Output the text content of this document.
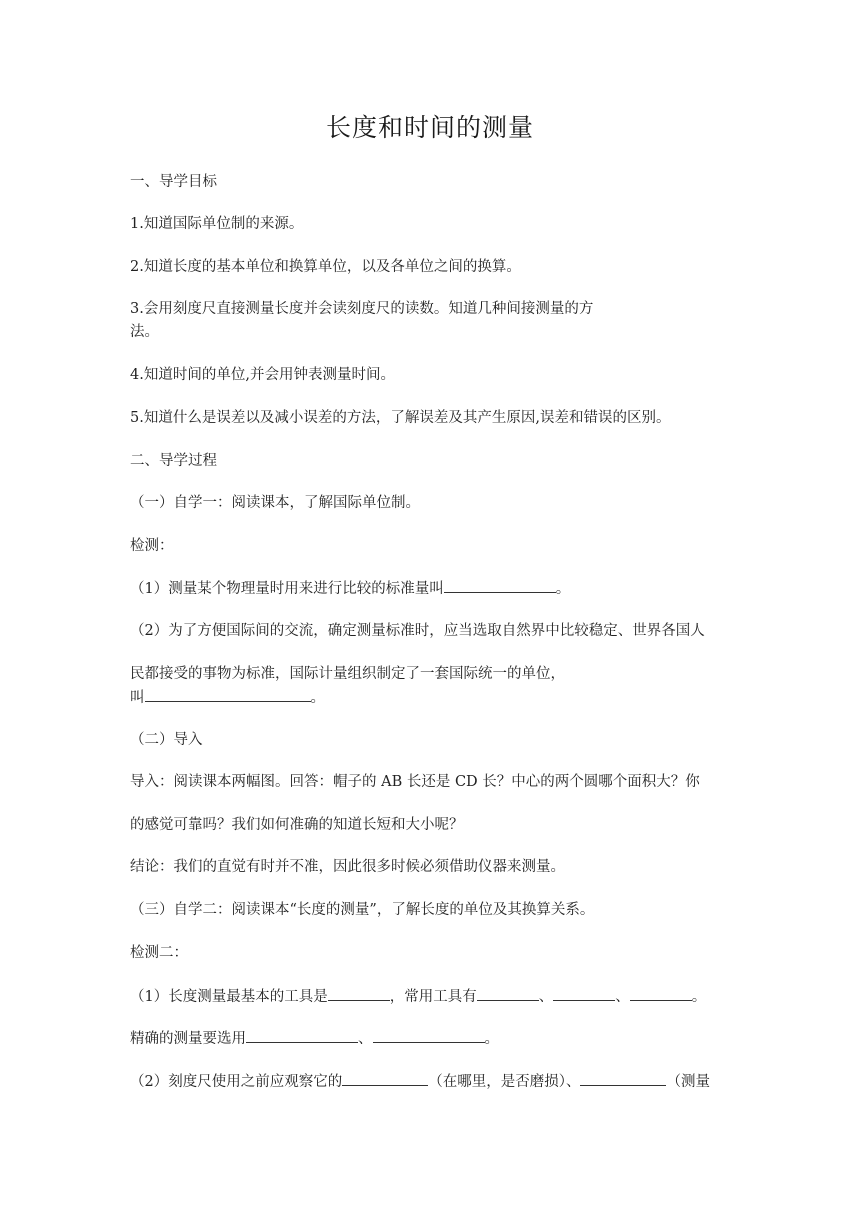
长度和时间的测量
一、导学目标
1.知道国际单位制的来源。
2.知道长度的基本单位和换算单位，以及各单位之间的换算。
3.会用刻度尺直接测量长度并会读刻度尺的读数。知道几种间接测量的方
法。
4.知道时间的单位,并会用钟表测量时间。
5.知道什么是误差以及减小误差的方法，了解误差及其产生原因,误差和错误的区别。
二、导学过程
（一）自学一：阅读课本，了解国际单位制。
检测：
（1）测量某个物理量时用来进行比较的标准量叫	。
（2）为了方便国际间的交流，确定测量标准时，应当选取自然界中比较稳定、世界各国人
民都接受的事物为标准，国际计量组织制定了一套国际统一的单位，
叫	。
（二）导入
导入：阅读课本两幅图。回答：帽子的 AB 长还是 CD 长？中心的两个圆哪个面积大？你
的感觉可靠吗？我们如何准确的知道长短和大小呢？
结论：我们的直觉有时并不准，因此很多时候必须借助仪器来测量。
（三）自学二：阅读课本“长度的测量”，了解长度的单位及其换算关系。
检测二：
（1）长度测量最基本的工具是	，常用工具有	、	、	。
精确的测量要选用	、	。
（2）刻度尺使用之前应观察它的	（在哪里，是否磨损）、	（测量
